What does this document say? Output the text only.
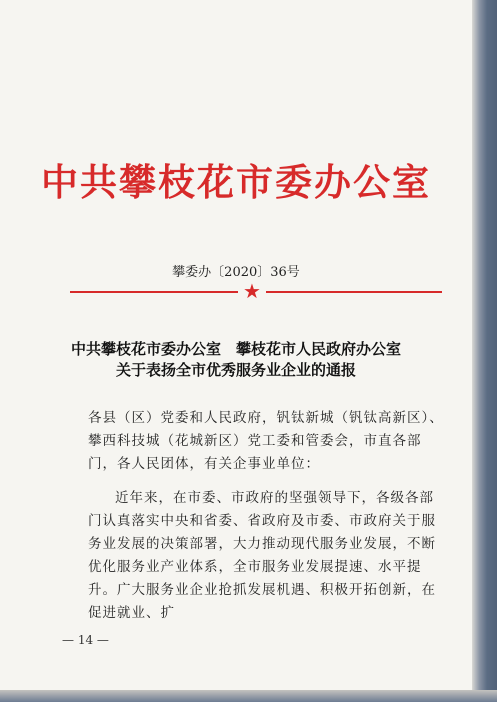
中共攀枝花市委办公室
攀委办〔2020〕36号
★
中共攀枝花市委办公室　攀枝花市人民政府办公室
关于表扬全市优秀服务业企业的通报
各县（区）党委和人民政府，钒钛新城（钒钛高新区）、攀西科技城（花城新区）党工委和管委会，市直各部门，各人民团体，有关企事业单位：
近年来，在市委、市政府的坚强领导下，各级各部门认真落实中央和省委、省政府及市委、市政府关于服务业发展的决策部署，大力推动现代服务业发展，不断优化服务业产业体系，全市服务业发展提速、水平提升。广大服务业企业抢抓发展机遇、积极开拓创新，在促进就业、扩
— 14 —
